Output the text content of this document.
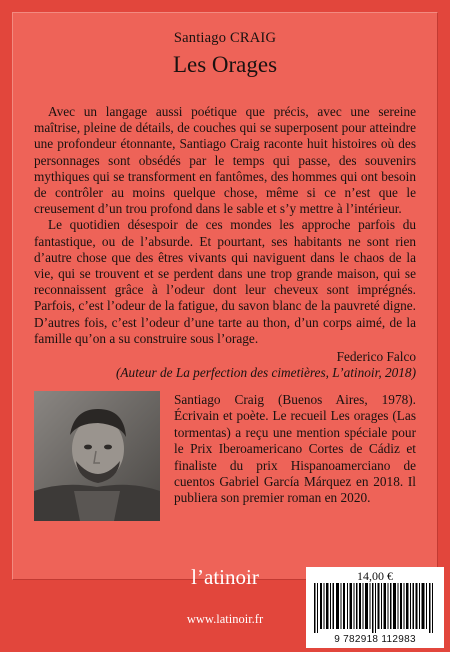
Santiago CRAIG
Les Orages

Avec un langage aussi poétique que précis, avec une sereine maîtrise, pleine de détails, de couches qui se superposent pour atteindre une profondeur étonnante, Santiago Craig raconte huit histoires où des personnages sont obsédés par le temps qui passe, des souvenirs mythiques qui se transforment en fantômes, des hommes qui ont besoin de contrôler au moins quelque chose, même si ce n’est que le creusement d’un trou profond dans le sable et s’y mettre à l’intérieur.

Le quotidien désespoir de ces mondes les approche parfois du fantastique, ou de l’absurde. Et pourtant, ses habitants ne sont rien d’autre chose que des êtres vivants qui naviguent dans le chaos de la vie, qui se trouvent et se perdent dans une trop grande maison, qui se reconnaissent grâce à l’odeur dont leur cheveux sont imprégnés. Parfois, c’est l’odeur de la fatigue, du savon blanc de la pauvreté digne. D’autres fois, c’est l’odeur d’une tarte au thon, d’un corps aimé, de la famille qu’on a su construire sous l’orage.

Federico Falco
(Auteur de La perfection des cimetières, L’atinoir, 2018)
Santiago Craig (Buenos Aires, 1978). Écrivain et poète. Le recueil Les orages (Las tormentas) a reçu une mention spéciale pour le Prix Iberoamericano Cortes de Cádiz et finaliste du prix Hispanoamerciano de cuentos Gabriel García Márquez en 2018. Il publiera son premier roman en 2020.
l’atinoir
www.latinoir.fr
14,00 €
9 782918 112983
